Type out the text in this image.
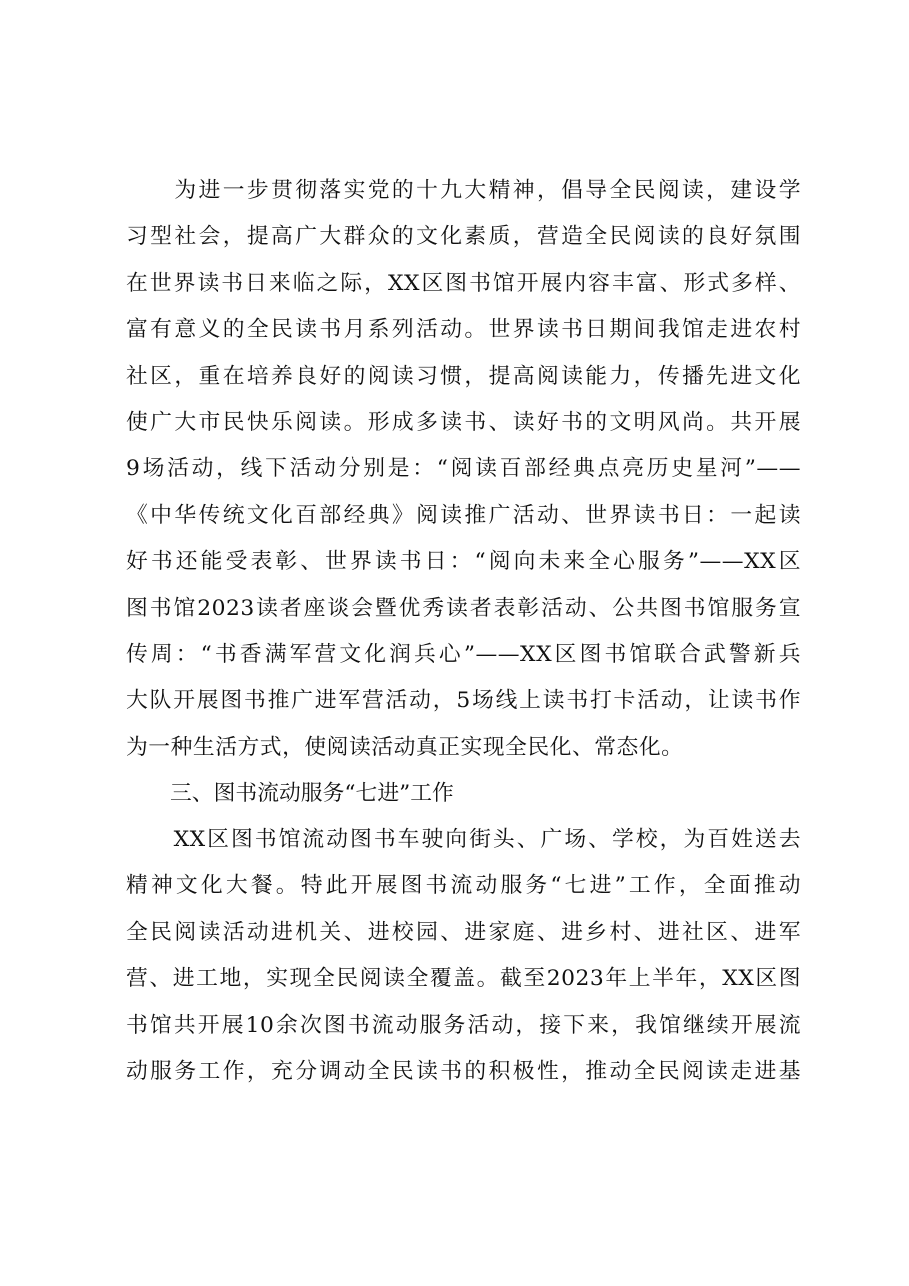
　　为进一步贯彻落实党的十九大精神，倡导全民阅读，建设学
习型社会，提高广大群众的文化素质，营造全民阅读的良好氛围
在世界读书日来临之际，XX区图书馆开展内容丰富、形式多样、
富有意义的全民读书月系列活动。世界读书日期间我馆走进农村
社区，重在培养良好的阅读习惯，提高阅读能力，传播先进文化
使广大市民快乐阅读。形成多读书、读好书的文明风尚。共开展
9场活动，线下活动分别是：“阅读百部经典点亮历史星河”——
《中华传统文化百部经典》阅读推广活动、世界读书日：一起读
好书还能受表彰、世界读书日：“阅向未来全心服务”——XX区
图书馆2023读者座谈会暨优秀读者表彰活动、公共图书馆服务宣
传周：“书香满军营文化润兵心”——XX区图书馆联合武警新兵
大队开展图书推广进军营活动，5场线上读书打卡活动，让读书作
为一种生活方式，使阅读活动真正实现全民化、常态化。
三、图书流动服务“七进”工作
　　XX区图书馆流动图书车驶向街头、广场、学校，为百姓送去
精神文化大餐。特此开展图书流动服务“七进”工作，全面推动
全民阅读活动进机关、进校园、进家庭、进乡村、进社区、进军
营、进工地，实现全民阅读全覆盖。截至2023年上半年，XX区图
书馆共开展10余次图书流动服务活动，接下来，我馆继续开展流
动服务工作，充分调动全民读书的积极性，推动全民阅读走进基
